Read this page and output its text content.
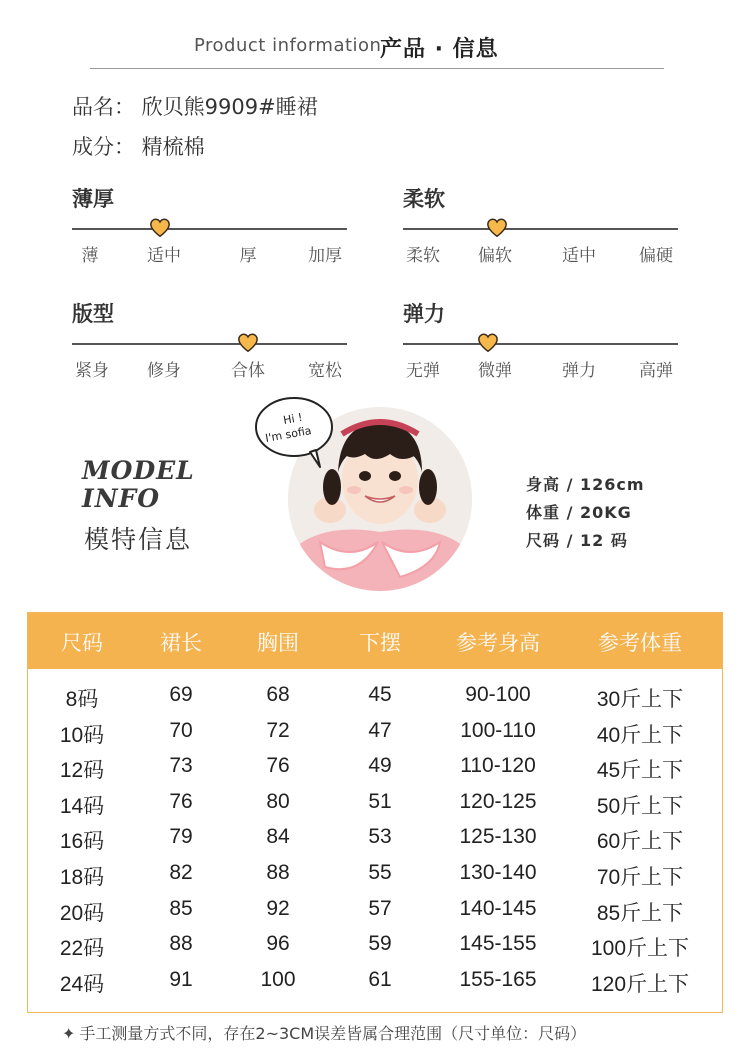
Product information
产品 · 信息
品名： 欣贝熊9909#睡裙
成分： 精梳棉
薄厚
薄	适中	厚	加厚
柔软
柔软 偏软	适中	偏硬
版型
紧身 修身	合体	宽松
弹力
无弹 微弹	弹力	高弹
MODEL
INFO
模特信息
Hi !
I'm sofia
身高 / 126cm
体重 / 20KG
尺码 / 12 码
尺码	裙长	胸围	下摆	参考身高	参考体重
8码	69	68	45	90-100	30斤上下
10码	70	72	47	100-110	40斤上下
12码	73	76	49	110-120	45斤上下
14码	76	80	51	120-125	50斤上下
16码	79	84	53	125-130	60斤上下
18码	82	88	55	130-140	70斤上下
20码	85	92	57	140-145	85斤上下
22码	88	96	59	145-155	100斤上下
24码	91	100	61	155-165	120斤上下
✦ 手工测量方式不同，存在2~3CM误差皆属合理范围（尺寸单位：尺码）
